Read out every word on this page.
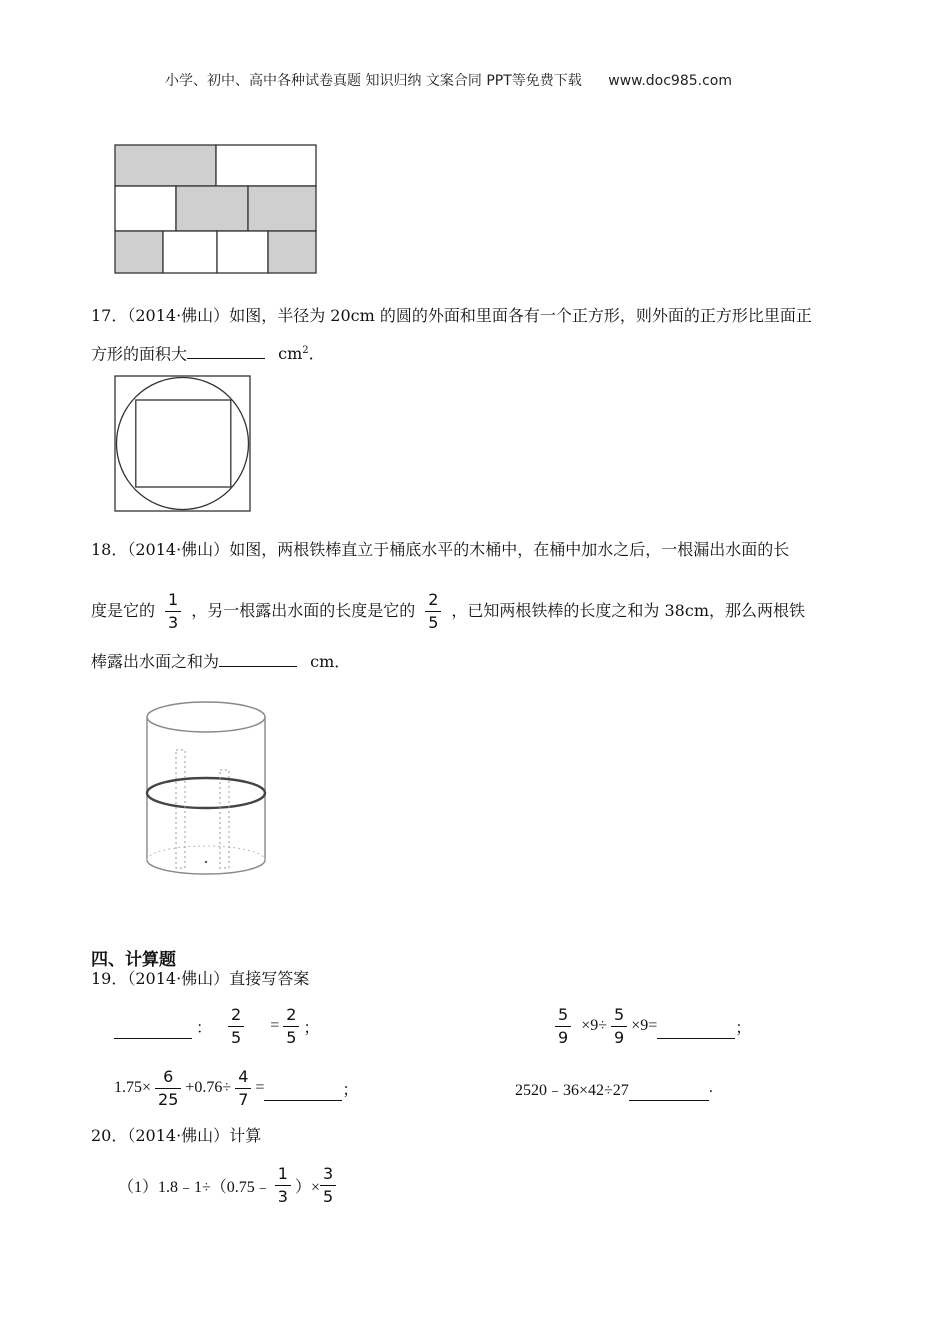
小学、初中、高中各种试卷真题 知识归纳 文案合同 PPT等免费下载 www.doc985.com
17．（2014·佛山）如图，半径为 20cm 的圆的外面和里面各有一个正方形，则外面的正方形比里面正
方形的面积大	$cm^2$.
18．（2014·佛山）如图，两根铁棒直立于桶底水平的木桶中，在桶中加水之后，一根漏出水面的长
度是它的 $\frac{1}{3}$ ，另一根露出水面的长度是它的 $\frac{2}{5}$ ，已知两根铁棒的长度之和为 38cm，那么两根铁
棒露出水面之和为	cm．
四、计算题
19．（2014·佛山）直接写答案
： $\frac{2}{5} = \frac{2}{5}$ ；	$\frac{5}{9} \times 9\div \frac{5}{9} \times 9=$	；
$1.75\times \frac{6}{25} +0.76\div \frac{4}{7}$ =	；	2520﹣36×42÷27	.
20．（2014·佛山）计算
（1）1.8﹣1÷（0.75﹣ $\frac{1}{3}$ ）× $\frac{3}{5}$
